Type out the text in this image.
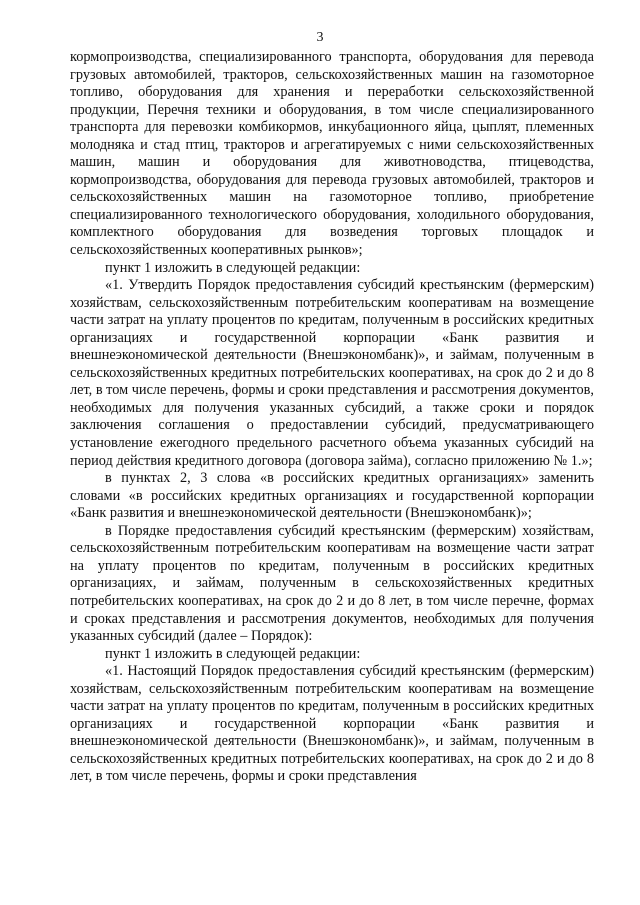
3

кормопроизводства, специализированного транспорта, оборудования для перевода грузовых автомобилей, тракторов, сельскохозяйственных машин на газомоторное топливо, оборудования для хранения и переработки сельскохозяйственной продукции, Перечня техники и оборудования, в том числе специализированного транспорта для перевозки комбикормов, инкубационного яйца, цыплят, племенных молодняка и стад птиц, тракторов и агрегатируемых с ними сельскохозяйственных машин, машин и оборудования для животноводства, птицеводства, кормопроизводства, оборудования для перевода грузовых автомобилей, тракторов и сельскохозяйственных машин на газомоторное топливо, приобретение специализированного технологического оборудования, холодильного оборудования, комплектного оборудования для возведения торговых площадок и сельскохозяйственных кооперативных рынков»;

пункт 1 изложить в следующей редакции:

«1. Утвердить Порядок предоставления субсидий крестьянским (фермерским) хозяйствам, сельскохозяйственным потребительским кооперативам на возмещение части затрат на уплату процентов по кредитам, полученным в российских кредитных организациях и государственной корпорации «Банк развития и внешнеэкономической деятельности (Внешэкономбанк)», и займам, полученным в сельскохозяйственных кредитных потребительских кооперативах, на срок до 2 и до 8 лет, в том числе перечень, формы и сроки представления и рассмотрения документов, необходимых для получения указанных субсидий, а также сроки и порядок заключения соглашения о предоставлении субсидий, предусматривающего установление ежегодного предельного расчетного объема указанных субсидий на период действия кредитного договора (договора займа), согласно приложению № 1.»;

в пунктах 2, 3 слова «в российских кредитных организациях» заменить словами «в российских кредитных организациях и государственной корпорации «Банк развития и внешнеэкономической деятельности (Внешэкономбанк)»;

в Порядке предоставления субсидий крестьянским (фермерским) хозяйствам, сельскохозяйственным потребительским кооперативам на возмещение части затрат на уплату процентов по кредитам, полученным в российских кредитных организациях, и займам, полученным в сельскохозяйственных кредитных потребительских кооперативах, на срок до 2 и до 8 лет, в том числе перечне, формах и сроках представления и рассмотрения документов, необходимых для получения указанных субсидий (далее – Порядок):

пункт 1 изложить в следующей редакции:

«1. Настоящий Порядок предоставления субсидий крестьянским (фермерским) хозяйствам, сельскохозяйственным потребительским кооперативам на возмещение части затрат на уплату процентов по кредитам, полученным в российских кредитных организациях и государственной корпорации «Банк развития и внешнеэкономической деятельности (Внешэкономбанк)», и займам, полученным в сельскохозяйственных кредитных потребительских кооперативах, на срок до 2 и до 8 лет, в том числе перечень, формы и сроки представления
